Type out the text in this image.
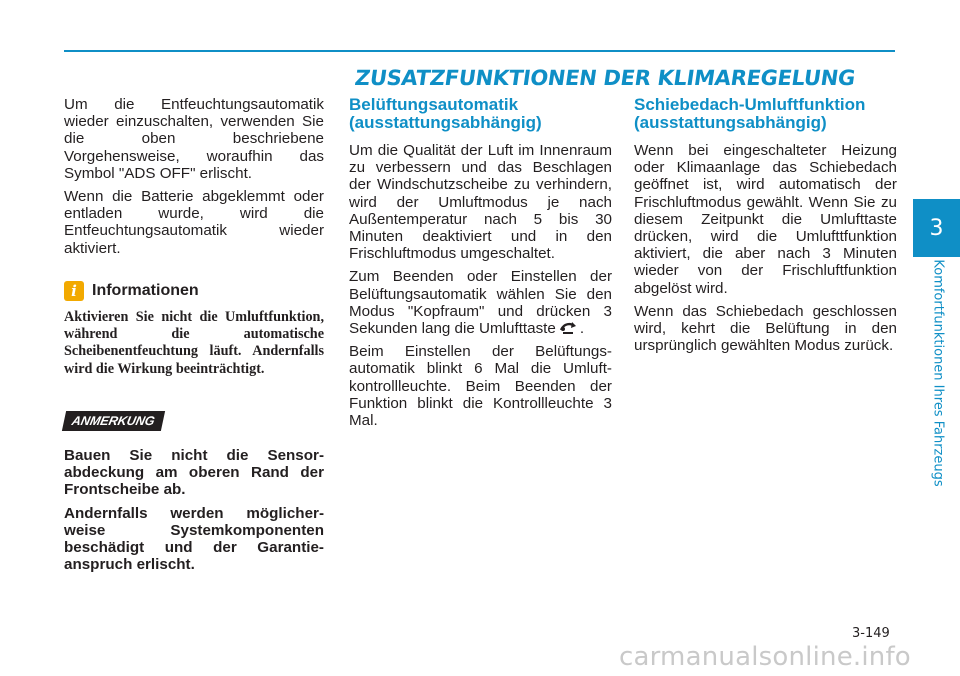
ZUSATZFUNKTIONEN DER KLIMAREGELUNG

Um die Entfeuchtungsautomatik wieder einzuschalten, verwenden Sie die oben beschriebene Vorgehensweise, woraufhin das Symbol "ADS OFF" erlischt.

Wenn die Batterie abgeklemmt oder entladen wurde, wird die Entfeuchtungsautomatik wieder aktiviert.

i Informationen

Aktivieren Sie nicht die Umluftfunktion, während die automatische Scheibenentfeuchtung läuft. Andernfalls wird die Wirkung beeinträchtigt.

ANMERKUNG

Bauen Sie nicht die Sensor-abdeckung am oberen Rand der Frontscheibe ab.

Andernfalls werden möglicher-weise Systemkomponenten beschädigt und der Garantie-anspruch erlischt.

Belüftungsautomatik (ausstattungsabhängig)

Um die Qualität der Luft im Innenraum zu verbessern und das Beschlagen der Windschutzscheibe zu verhindern, wird der Umluftmodus je nach Außentemperatur nach 5 bis 30 Minuten deaktiviert und in den Frischluftmodus umgeschaltet.

Zum Beenden oder Einstellen der Belüftungsautomatik wählen Sie den Modus "Kopfraum" und drücken 3 Sekunden lang die Umlufttaste .

Beim Einstellen der Belüftungs-automatik blinkt 6 Mal die Umluft-kontrollleuchte. Beim Beenden der Funktion blinkt die Kontrollleuchte 3 Mal.

Schiebedach-Umluftfunktion (ausstattungsabhängig)

Wenn bei eingeschalteter Heizung oder Klimaanlage das Schiebedach geöffnet ist, wird automatisch der Frischluftmodus gewählt. Wenn Sie zu diesem Zeitpunkt die Umlufttaste drücken, wird die Umlufttfunktion aktiviert, die aber nach 3 Minuten wieder von der Frischluftfunktion abgelöst wird.

Wenn das Schiebedach geschlossen wird, kehrt die Belüftung in den ursprünglich gewählten Modus zurück.

3
Komfortfunktionen Ihres Fahrzeugs
3-149
carmanualsonline.info
